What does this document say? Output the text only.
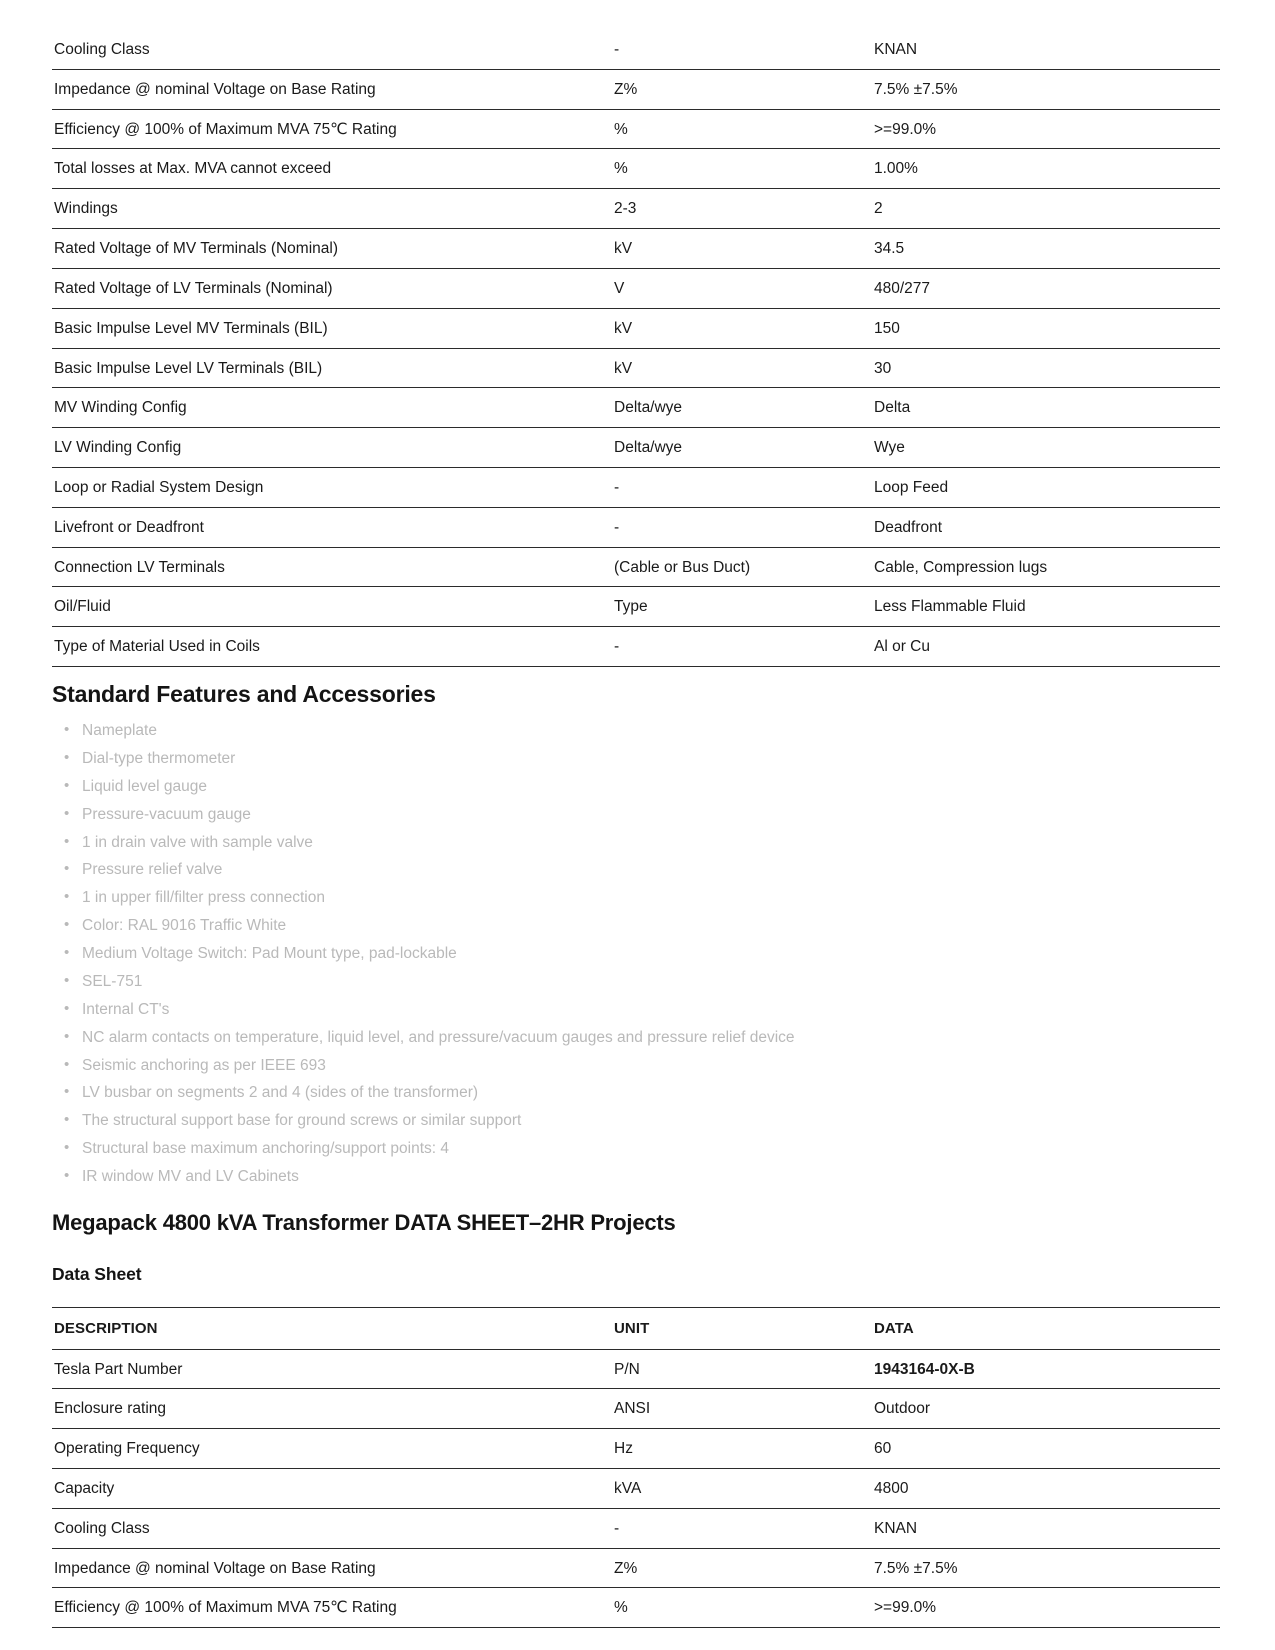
Cooling Class	-	KNAN
Impedance @ nominal Voltage on Base Rating	Z%	7.5% ±7.5%
Efficiency @ 100% of Maximum MVA 75℃ Rating	%	>=99.0%
Total losses at Max. MVA cannot exceed	%	1.00%
Windings	2-3	2
Rated Voltage of MV Terminals (Nominal)	kV	34.5
Rated Voltage of LV Terminals (Nominal)	V	480/277
Basic Impulse Level MV Terminals (BIL)	kV	150
Basic Impulse Level LV Terminals (BIL)	kV	30
MV Winding Config	Delta/wye	Delta
LV Winding Config	Delta/wye	Wye
Loop or Radial System Design	-	Loop Feed
Livefront or Deadfront	-	Deadfront
Connection LV Terminals	(Cable or Bus Duct)	Cable, Compression lugs
Oil/Fluid	Type	Less Flammable Fluid
Type of Material Used in Coils	-	Al or Cu
Standard Features and Accessories
• Nameplate
• Dial-type thermometer
• Liquid level gauge
• Pressure-vacuum gauge
• 1 in drain valve with sample valve
• Pressure relief valve
• 1 in upper fill/filter press connection
• Color: RAL 9016 Traffic White
• Medium Voltage Switch: Pad Mount type, pad-lockable
• SEL-751
• Internal CT's
• NC alarm contacts on temperature, liquid level, and pressure/vacuum gauges and pressure relief device
• Seismic anchoring as per IEEE 693
• LV busbar on segments 2 and 4 (sides of the transformer)
• The structural support base for ground screws or similar support
• Structural base maximum anchoring/support points: 4
• IR window MV and LV Cabinets
Megapack 4800 kVA Transformer DATA SHEET–2HR Projects
Data Sheet
DESCRIPTION	UNIT	DATA
Tesla Part Number	P/N	1943164-0X-B
Enclosure rating	ANSI	Outdoor
Operating Frequency	Hz	60
Capacity	kVA	4800
Cooling Class	-	KNAN
Impedance @ nominal Voltage on Base Rating	Z%	7.5% ±7.5%
Efficiency @ 100% of Maximum MVA 75℃ Rating	%	>=99.0%
